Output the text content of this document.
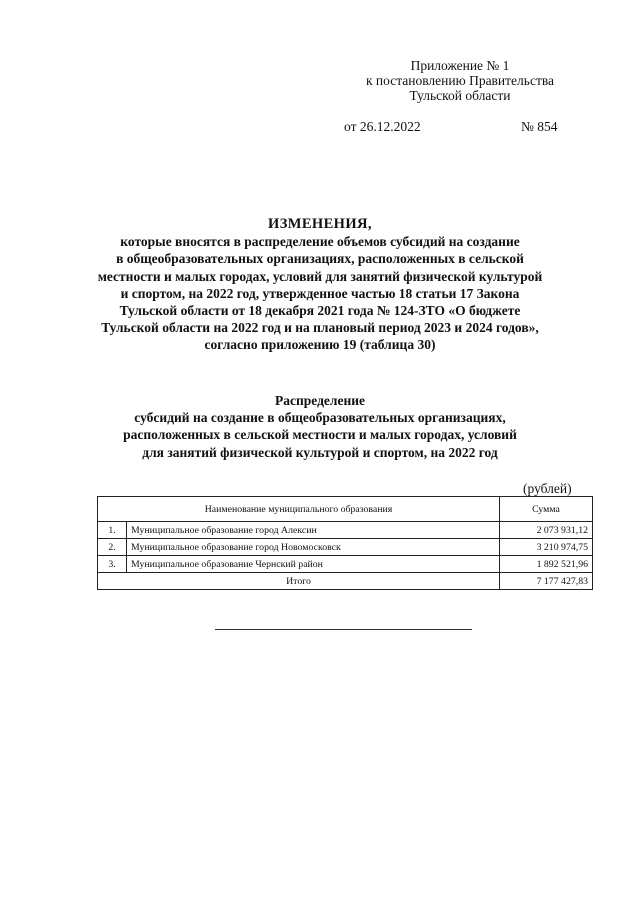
Приложение № 1
к постановлению Правительства
Тульской области
от 26.12.2022	№ 854
ИЗМЕНЕНИЯ,
которые вносятся в распределение объемов субсидий на создание
в общеобразовательных организациях, расположенных в сельской
местности и малых городах, условий для занятий физической культурой
и спортом, на 2022 год, утвержденное частью 18 статьи 17 Закона
Тульской области от 18 декабря 2021 года № 124-ЗТО «О бюджете
Тульской области на 2022 год и на плановый период 2023 и 2024 годов»,
согласно приложению 19 (таблица 30)
Распределение
субсидий на создание в общеобразовательных организациях,
расположенных в сельской местности и малых городах, условий
для занятий физической культурой и спортом, на 2022 год
(рублей)
Наименование муниципального образования		Сумма
1.	Муниципальное образование город Алексин	2 073 931,12
2.	Муниципальное образование город Новомосковск	3 210 974,75
3.	Муниципальное образование Чернский район	1 892 521,96
Итого		7 177 427,83
